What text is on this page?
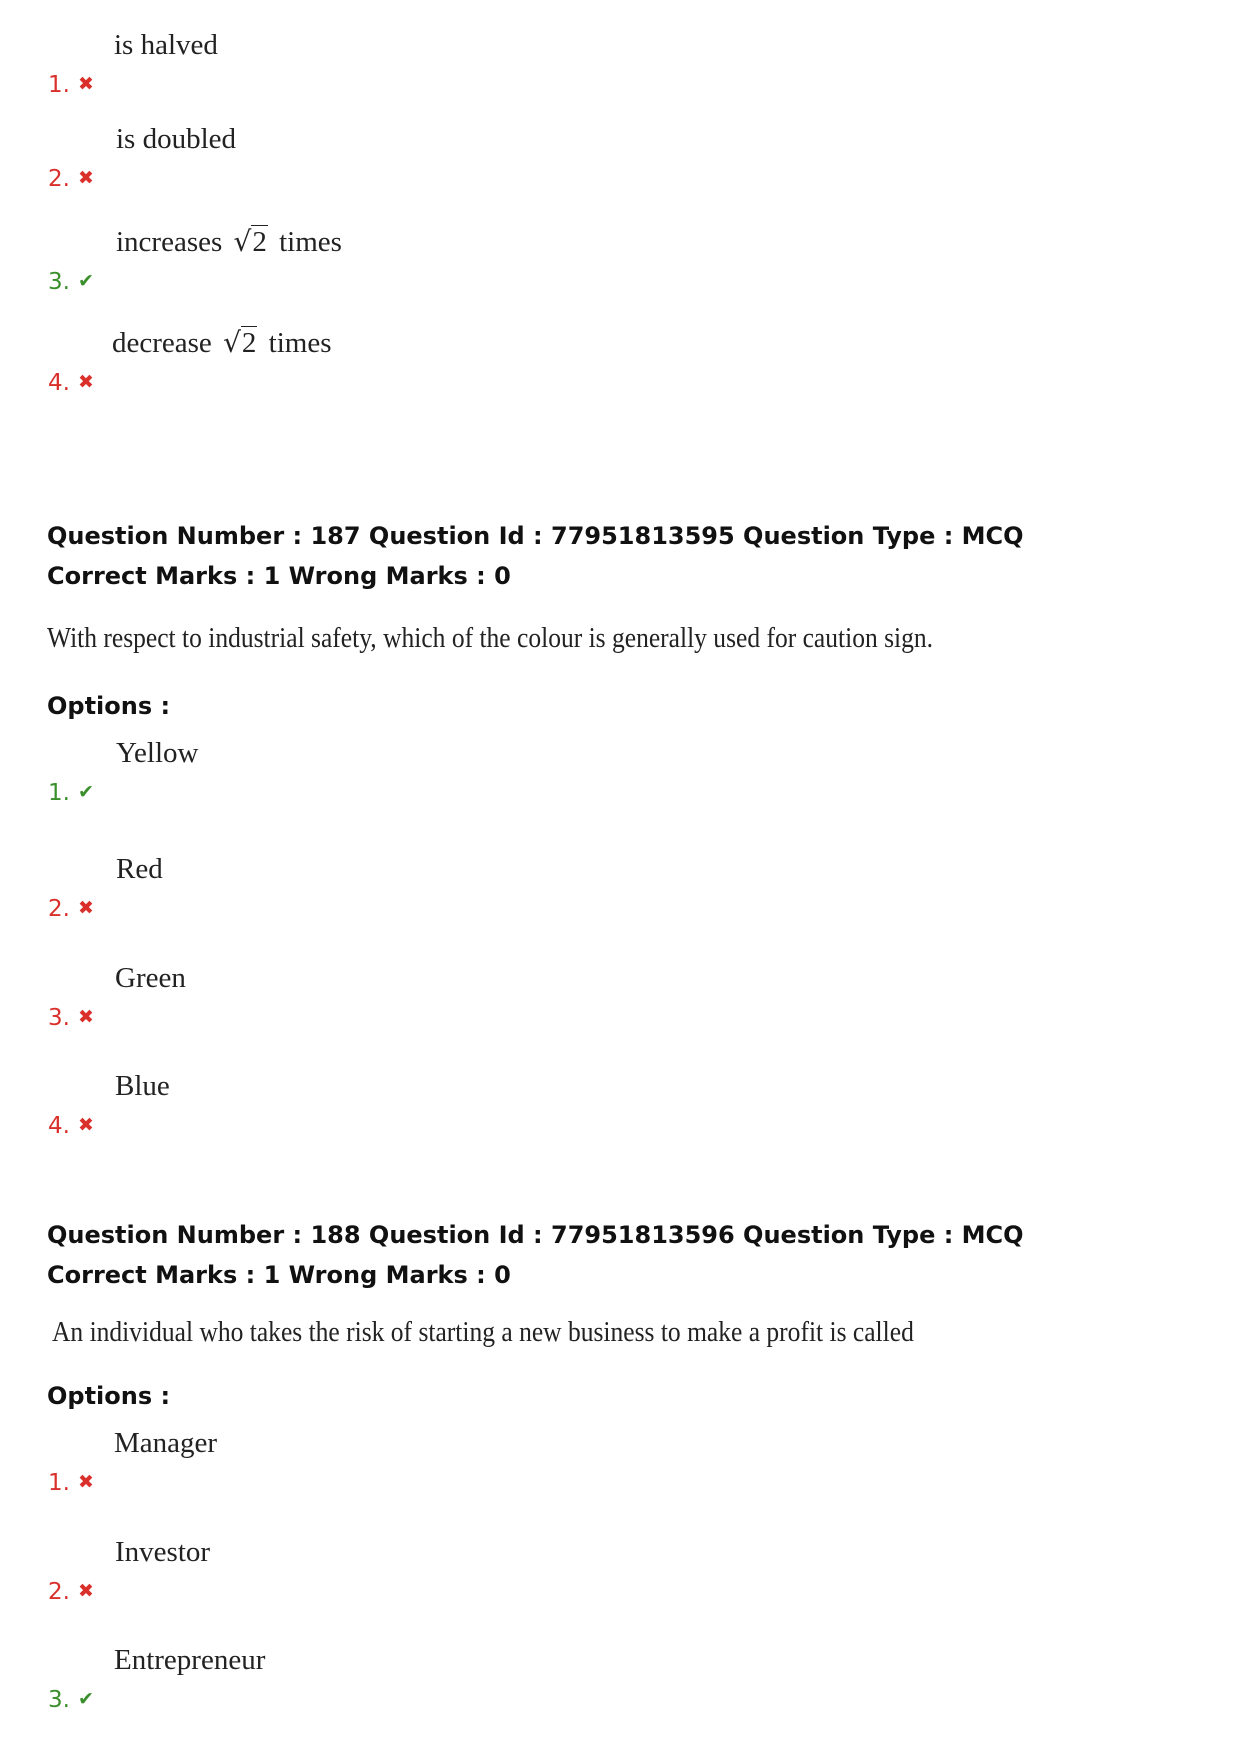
1. ✖
is halved
2. ✖
is doubled
3. ✔
increases √2 times
4. ✖
decrease √2 times
Question Number : 187 Question Id : 77951813595 Question Type : MCQ
Correct Marks : 1 Wrong Marks : 0
With respect to industrial safety, which of the colour is generally used for caution sign.
Options :
1. ✔
Yellow
2. ✖
Red
3. ✖
Green
4. ✖
Blue
Question Number : 188 Question Id : 77951813596 Question Type : MCQ
Correct Marks : 1 Wrong Marks : 0
An individual who takes the risk of starting a new business to make a profit is called
Options :
1. ✖
Manager
2. ✖
Investor
3. ✔
Entrepreneur
